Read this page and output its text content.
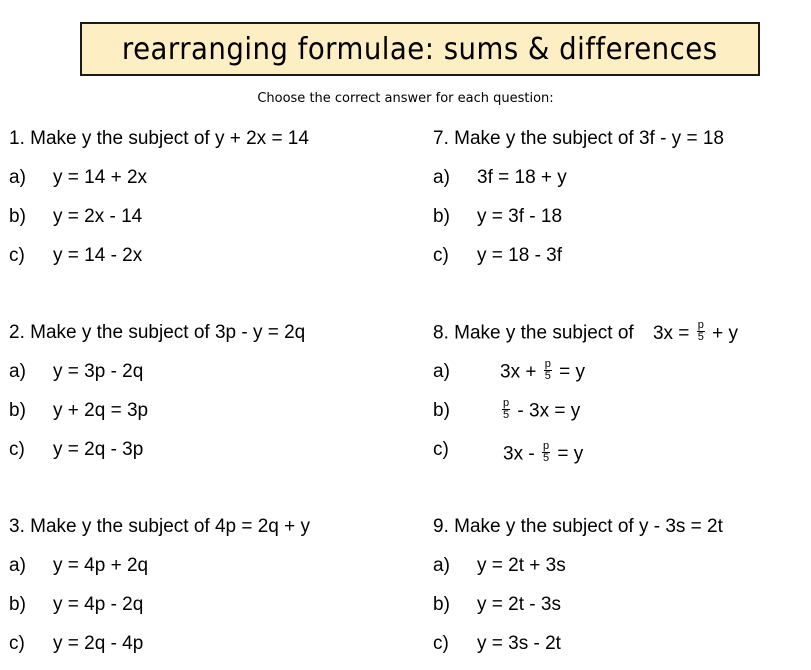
rearranging formulae: sums & differences
Choose the correct answer for each question:
1. Make y the subject of y + 2x = 14
a) y = 14 + 2x
b) y = 2x - 14
c) y = 14 - 2x
2. Make y the subject of 3p - y = 2q
a) y = 3p - 2q
b) y + 2q = 3p
c) y = 2q - 3p
3. Make y the subject of 4p = 2q + y
a) y = 4p + 2q
b) y = 4p - 2q
c) y = 2q - 4p
7. Make y the subject of 3f - y = 18
a) 3f = 18 + y
b) y = 3f - 18
c) y = 18 - 3f
8. Make y the subject of $3x = \frac{p}{5} + y$
a)	$3x + \frac{p}{5} = y$
b)	$\frac{p}{5} - 3x = y$
c)	$3x - \frac{p}{5} = y$
9. Make y the subject of y - 3s = 2t
a) y = 2t + 3s
b) y = 2t - 3s
c) y = 3s - 2t
